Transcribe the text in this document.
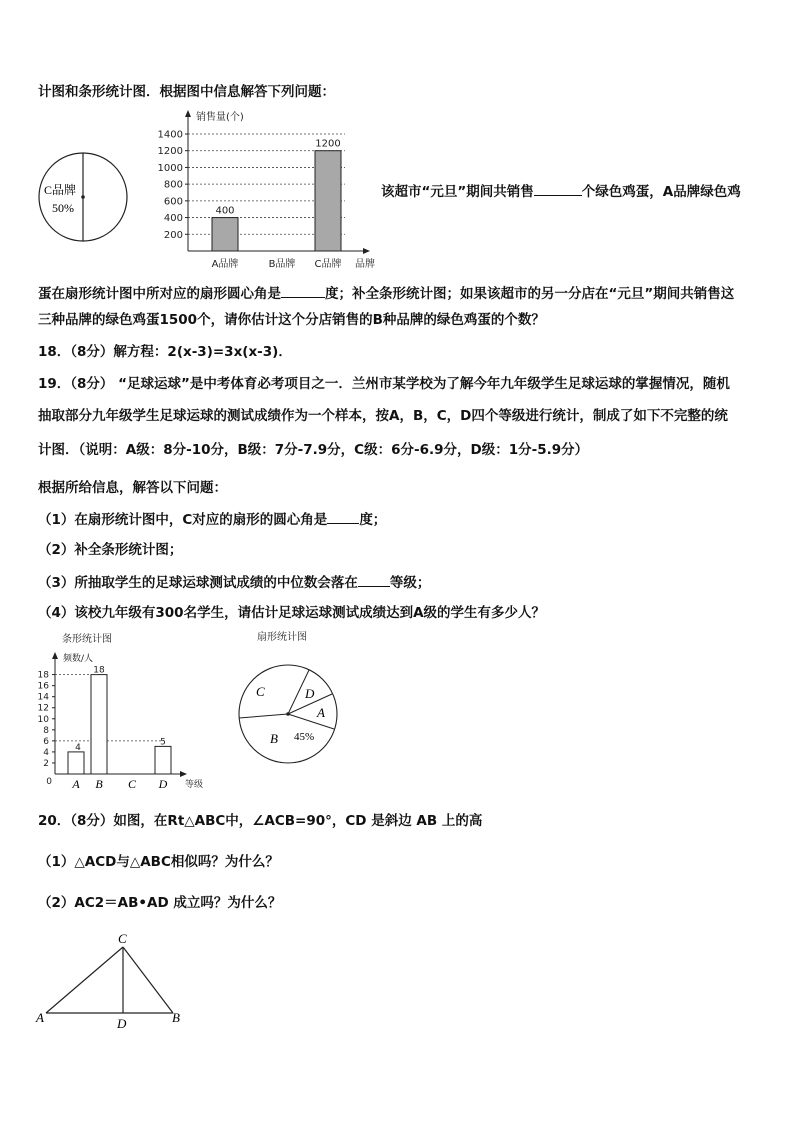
计图和条形统计图．根据图中信息解答下列问题：
C品牌
50%
销售量(个)
品牌
200
400
600
800
1000
1200
1400
A品牌	B品牌 C品牌
400
1200
该超市“元旦”期间共销售	个绿色鸡蛋，A品牌绿色鸡
蛋在扇形统计图中所对应的扇形圆心角是	度；补全条形统计图；如果该超市的另一分店在“元旦”期间共销售这
三种品牌的绿色鸡蛋1500个，请你估计这个分店销售的B种品牌的绿色鸡蛋的个数？
18．（8分）解方程：2(x-3)=3x(x-3)．
19．（8分） “足球运球”是中考体育必考项目之一．兰州市某学校为了解今年九年级学生足球运球的掌握情况，随机
抽取部分九年级学生足球运球的测试成绩作为一个样本，按A，B，C，D四个等级进行统计，制成了如下不完整的统
计图．（说明：A级：8分-10分，B级：7分-7.9分，C级：6分-6.9分，D级：1分-5.9分）
根据所给信息，解答以下问题：
（1）在扇形统计图中，C对应的扇形的圆心角是 度；
（2）补全条形统计图；
（3）所抽取学生的足球运球测试成绩的中位数会落在 等级；
（4）该校九年级有300名学生，请估计足球运球测试成绩达到A级的学生有多少人？
条形统计图
频数/人
等级
0
2
4
6
8
10
12
14
16
18
A B C D
4
18
5
扇形统计图
C	D
A
B 45%
20．（8分）如图，在Rt△ABC中，∠ACB=90°，CD 是斜边 AB 上的高
（1）△ACD与△ABC相似吗？为什么？
（2）AC2＝AB•AD 成立吗？为什么？
C
A	D	B
